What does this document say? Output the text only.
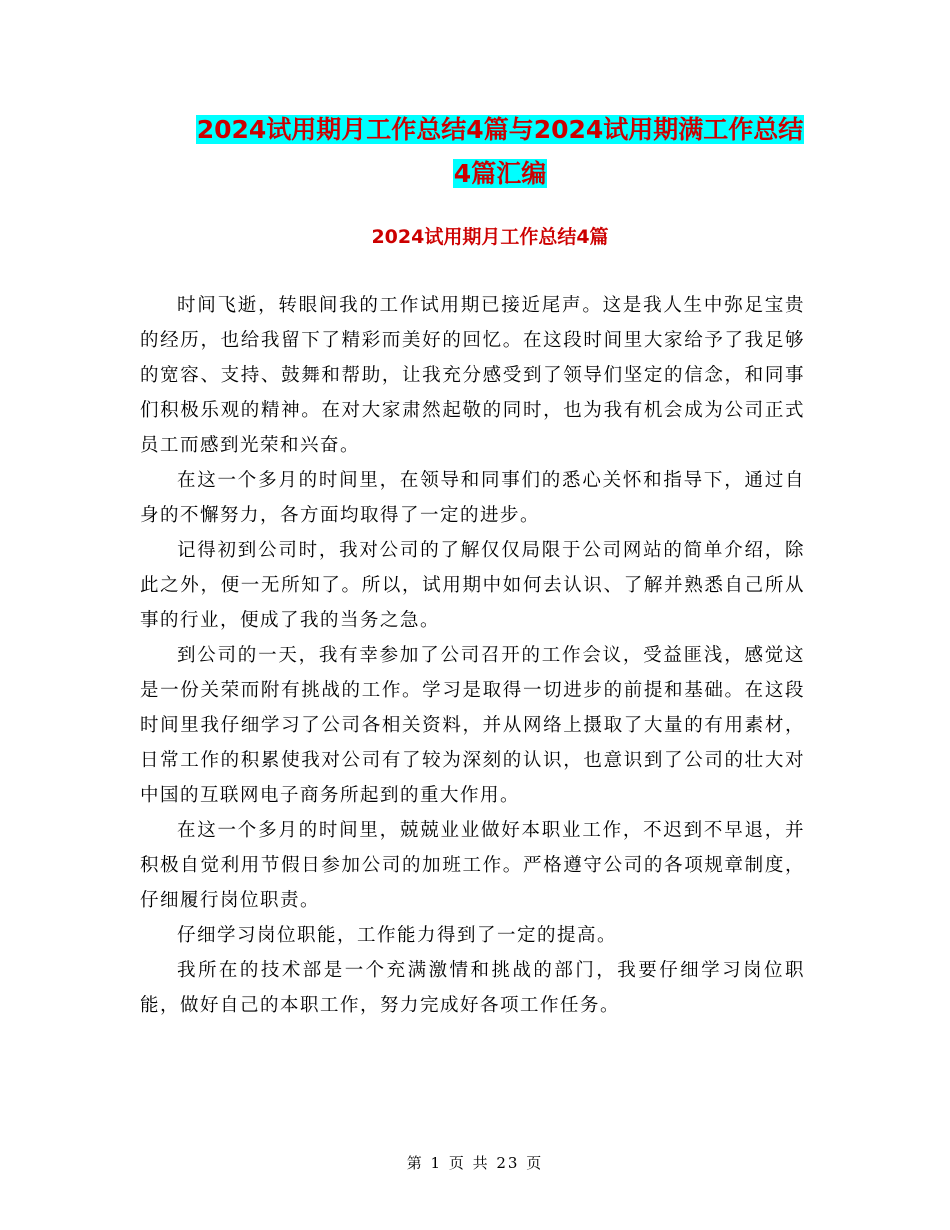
2024试用期月工作总结4篇与2024试用期满工作总结
4篇汇编
2024试用期月工作总结4篇

时间飞逝，转眼间我的工作试用期已接近尾声。这是我人生中弥足宝贵的经历，也给我留下了精彩而美好的回忆。在这段时间里大家给予了我足够的宽容、支持、鼓舞和帮助，让我充分感受到了领导们坚定的信念，和同事们积极乐观的精神。在对大家肃然起敬的同时，也为我有机会成为公司正式员工而感到光荣和兴奋。

在这一个多月的时间里，在领导和同事们的悉心关怀和指导下，通过自身的不懈努力，各方面均取得了一定的进步。

记得初到公司时，我对公司的了解仅仅局限于公司网站的简单介绍，除此之外，便一无所知了。所以，试用期中如何去认识、了解并熟悉自己所从事的行业，便成了我的当务之急。

到公司的一天，我有幸参加了公司召开的工作会议，受益匪浅，感觉这是一份关荣而附有挑战的工作。学习是取得一切进步的前提和基础。在这段时间里我仔细学习了公司各相关资料，并从网络上摄取了大量的有用素材，日常工作的积累使我对公司有了较为深刻的认识，也意识到了公司的壮大对中国的互联网电子商务所起到的重大作用。

在这一个多月的时间里，兢兢业业做好本职业工作，不迟到不早退，并积极自觉利用节假日参加公司的加班工作。严格遵守公司的各项规章制度，仔细履行岗位职责。

仔细学习岗位职能，工作能力得到了一定的提高。

我所在的技术部是一个充满激情和挑战的部门，我要仔细学习岗位职能，做好自己的本职工作，努力完成好各项工作任务。

第 1 页 共 23 页
